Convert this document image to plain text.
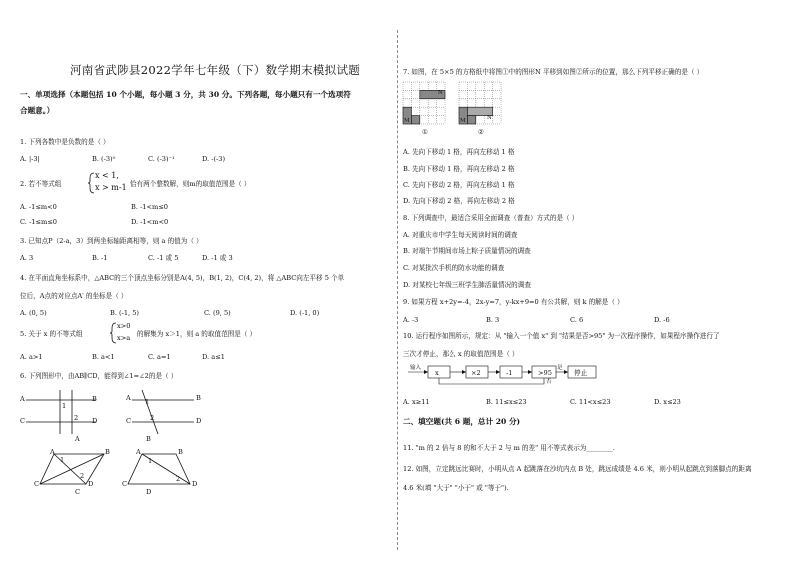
河南省武陟县2022学年七年级（下）数学期末模拟试题
一、单项选择（本题包括 10 个小题，每小题 3 分，共 30 分。下列各题，每小题只有一个选项符
合题意。）
1. 下列各数中是负数的是（ ）
A. |-3|	B. (-3)⁰	C. (-3)⁻¹	D. -(-3)
2. 若不等式组
x < 1,
x > m-1 恰有两个整数解，则m的取值范围是（ ）
A. -1≤m<0	B. -1<m≤0
C. -1≤m≤0	D. -1<m<0
3. 已知点P（2-a，3）到两坐标轴距离相等，则 a 的值为（ ）
A. 3	B. -1	C. -1 或 5	D. -1 或 3
4. 在平面直角坐标系中，△ABC的三个顶点坐标分别是A(4, 5)，B(1, 2)，C(4, 2)，将 △ABC向左平移 5 个单
位后，A点的对应点A′ 的坐标是（ ）
A. (0, 5)	B. (-1, 5)	C. (9, 5)	D. (-1, 0)
5. 关于 x 的不等式组
x>0
x>a 的解集为 x＞1，则 a 的取值范围是（ ）
A. a>1	B. a<1	C. a=1	D. a≤1
6. 下列图形中，由AB∥CD，能得到∠1=∠2的是（ ）
A	B
C	D
1
2
A
A	B
C	D
1
2
B
A
C
B
D
1
2
C
A	B
C	D
1
2
D
7. 如图，在 5×5 的方格纸中将图①中的图形N 平移到如图②所示的位置，那么下列平移正确的是（ ）
N
M
①
N
M
②
A. 先向下移动 1 格，再向左移动 1 格
B. 先向下移动 1 格，再向左移动 2 格
C. 先向下移动 2 格，再向左移动 1 格
D. 先向下移动 2 格，再向左移动 2 格
8. 下列调查中，最适合采用全面调查（普查）方式的是（ ）
A. 对重庆市中学生每天阅读时间的调查
B. 对端午节期间市场上粽子质量情况的调查
C. 对某批次手机的防水功能的调查
D. 对某校七年级三班学生肺活量情况的调查
9. 如果方程 x+2y=-4，2x-y=7，y-kx+9=0 有公共解，则 k 的解是（ ）
A. -3	B. 3	C. 6	D. -6
10. 运行程序如图所示，规定：从 "输入一个值 x" 到 "结果是否>95" 为一次程序操作，如果程序操作进行了
三次才停止，那么 x 的取值范围是（ ）
输入
x	×2	-1	>95
是
否
停止
A. x≥11	B. 11≤x≤23	C. 11<x≤23	D. x≤23
二、填空题(共 6 题，总计 20 分)
11. "m 的 2 倍与 8 的和不大于 2 与 m 的差" 用不等式表示为________.
12. 如图，立定跳远比赛时，小明从点 A 起跳落在沙坑内点 B 处，跳远成绩是 4.6 米，则小明从起跳点到落脚点的距离
4.6 米(填 "大于" "小于" 或 "等于").
